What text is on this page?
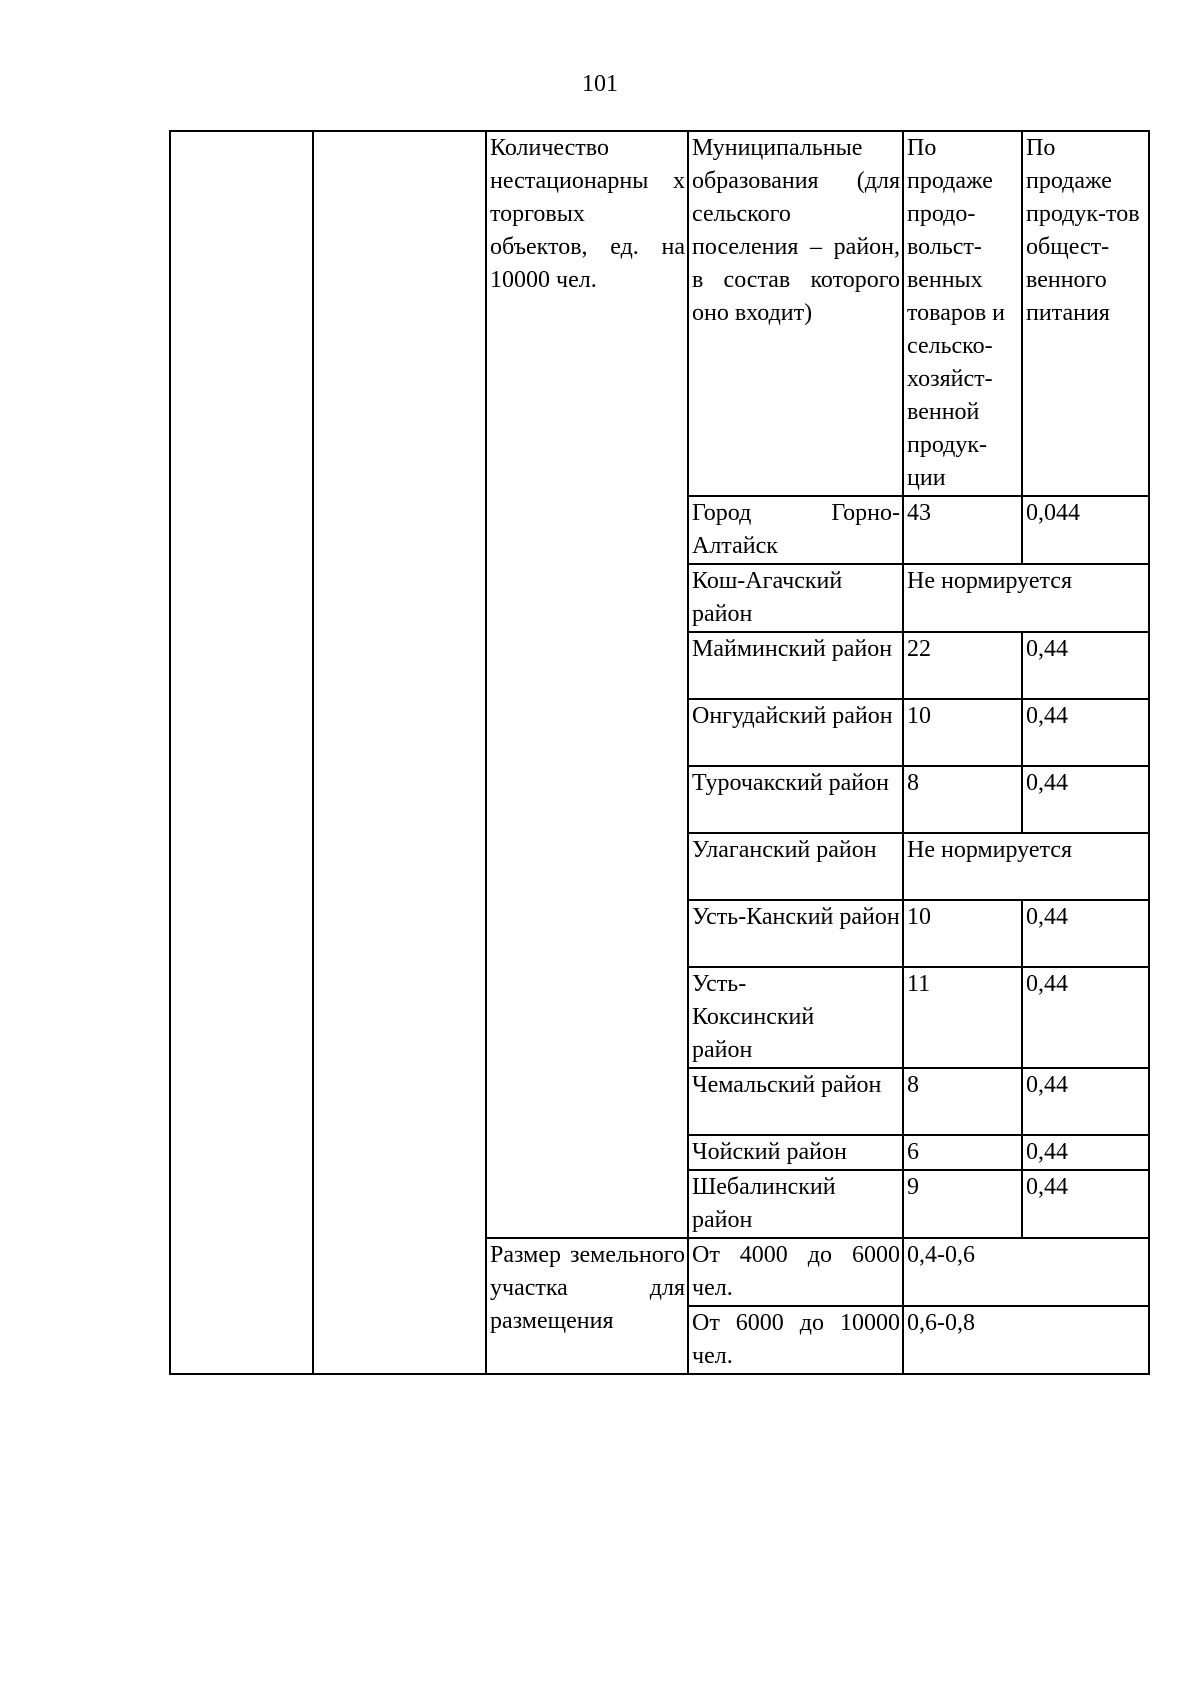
101
		Количество нестационарны х торговых объектов, ед. на 10000 чел.	Муниципальные образования (для сельского поселения – район, в состав которого оно входит)	По продаже продо-вольст-венных товаров и сельско-хозяйст-венной продук-ции	По продаже продук-тов общест-венного питания
			Город Горно-Алтайск	43	0,044
			Кош-Агачский район	Не нормируется	
			Майминский район	22	0,44
			Онгудайский район	10	0,44
			Турочакский район	8	0,44
			Улаганский район	Не нормируется	
			Усть-Канский район	10	0,44
			Усть-Коксинский район	11	0,44
			Чемальский район	8	0,44
			Чойский район	6	0,44
			Шебалинский район	9	0,44
		Размер земельного участка для размещения	От 4000 до 6000 чел.	0,4-0,6	
			От 6000 до 10000 чел.	0,6-0,8	
